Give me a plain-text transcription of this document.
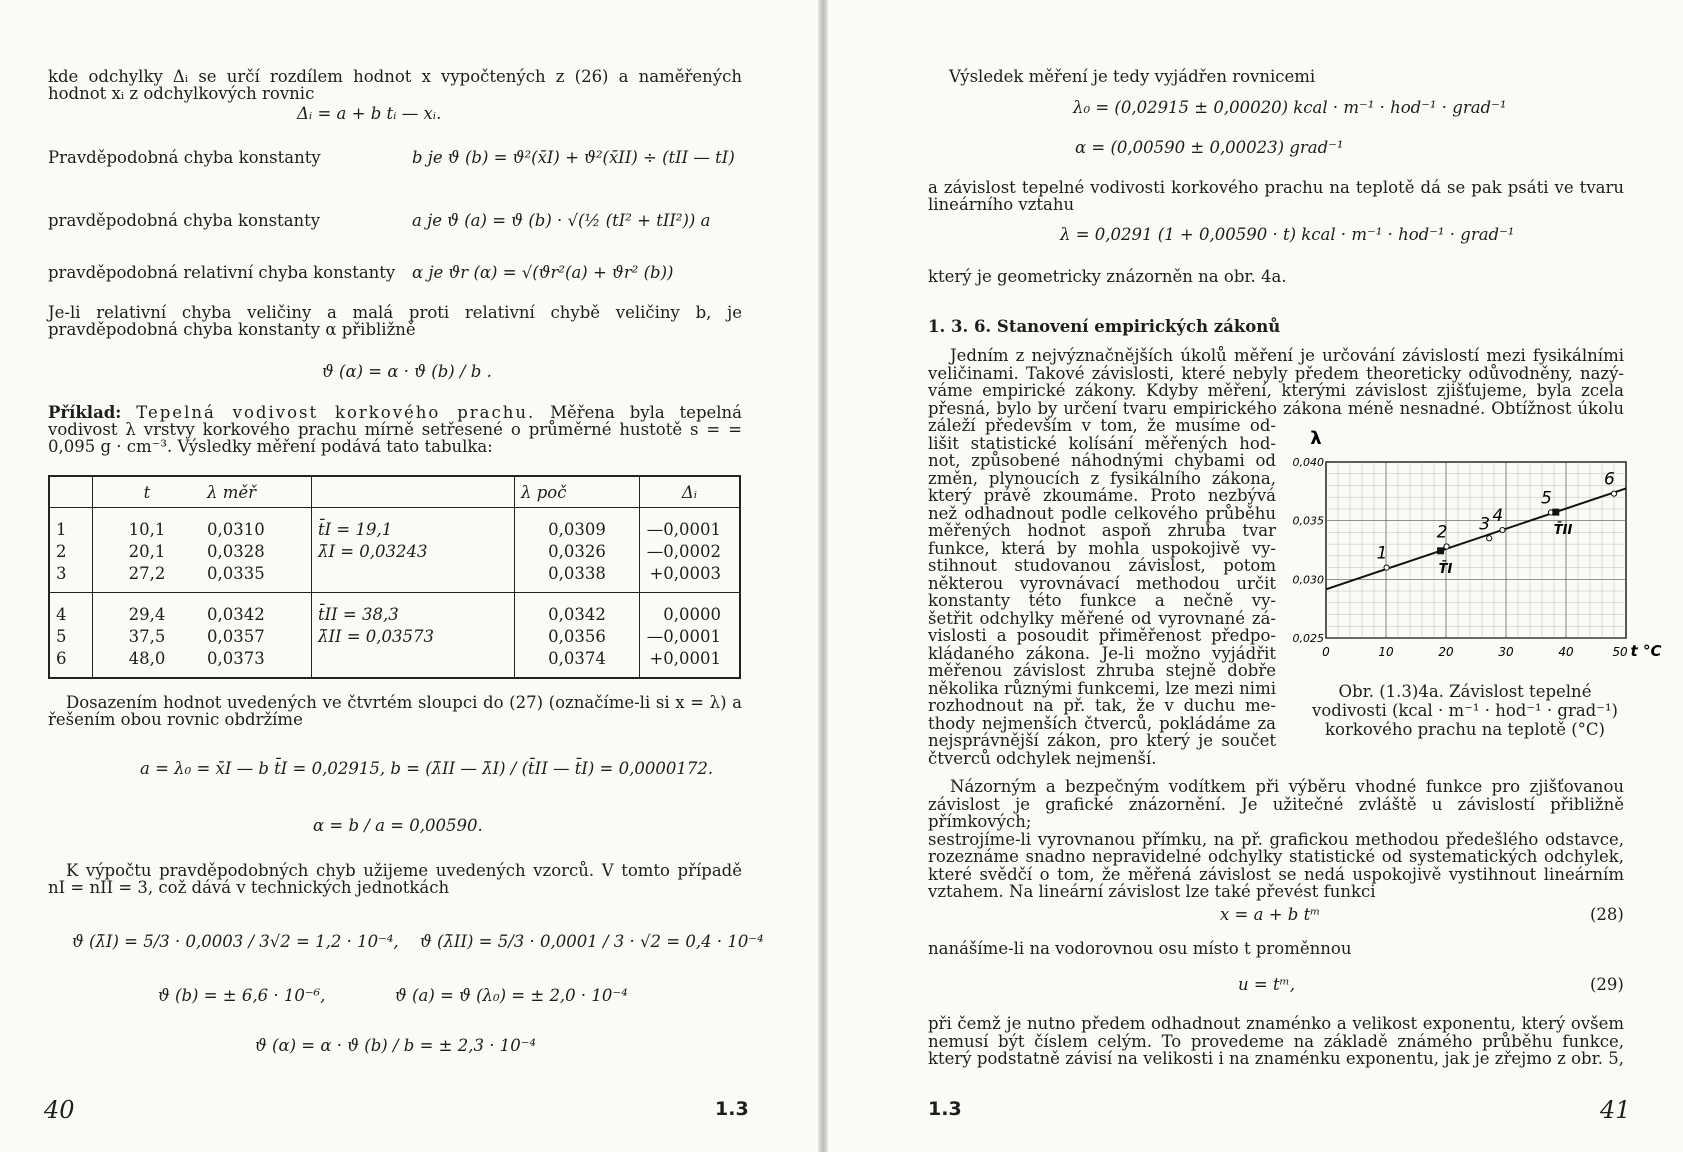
kde odchylky Δᵢ se určí rozdílem hodnot x vypočtených z (26) a naměřených hodnot xᵢ z odchylkových rovnic
Δᵢ = a + b tᵢ — xᵢ.
Pravděpodobná chyba konstanty	b je ϑ (b) = ϑ²(x̄I) + ϑ²(x̄II) ÷ (tII — tI)
pravděpodobná chyba konstanty	a je ϑ (a) = ϑ (b) · √(½ (tI² + tII²)) a
pravděpodobná relativní chyba konstanty α je ϑr (α) = √(ϑr²(a) + ϑr² (b))
Je-li relativní chyba veličiny a malá proti relativní chybě veličiny b, je pravděpodobná chyba konstanty α přibližně
ϑ (α) = α · ϑ (b) / b .
Příklad: Tepelná vodivost korkového prachu. Měřena byla tepelná vodivost λ vrstvy korkového prachu mírně setřesené o průměrné hustotě s = = 0,095 g · cm⁻³. Výsledky měření podává tato tabulka:
	t	λ měř		λ poč	Δᵢ
1	10,1	0,0310	t̄I = 19,1	0,0309	—0,0001
2	20,1	0,0328	λ̄I = 0,03243	0,0326	—0,0002
3	27,2	0,0335		0,0338	+0,0003
4	29,4	0,0342	t̄II = 38,3	0,0342	0,0000
5	37,5	0,0357	λ̄II = 0,03573	0,0356	—0,0001
6	48,0	0,0373		0,0374	+0,0001
Dosazením hodnot uvedených ve čtvrtém sloupci do (27) (označíme-li si x = λ) a řešením obou rovnic obdržíme
a = λ₀ = x̄I — b t̄I = 0,02915, b = (λ̄II — λ̄I) / (t̄II — t̄I) = 0,0000172.
α = b / a = 0,00590.
K výpočtu pravděpodobných chyb užijeme uvedených vzorců. V tomto případě nI = nII = 3, což dává v technických jednotkách
ϑ (λ̄I) = 5/3 · 0,0003 / 3√2 = 1,2 · 10⁻⁴, ϑ (λ̄II) = 5/3 · 0,0001 / 3 · √2 = 0,4 · 10⁻⁴
ϑ (b) = ± 6,6 · 10⁻⁶,	ϑ (a) = ϑ (λ₀) = ± 2,0 · 10⁻⁴
ϑ (α) = α · ϑ (b) / b = ± 2,3 · 10⁻⁴
40	1.3
Výsledek měření je tedy vyjádřen rovnicemi
λ₀ = (0,02915 ± 0,00020) kcal · m⁻¹ · hod⁻¹ · grad⁻¹
α = (0,00590 ± 0,00023) grad⁻¹
a závislost tepelné vodivosti korkového prachu na teplotě dá se pak psáti ve tvaru lineárního vztahu
λ = 0,0291 (1 + 0,00590 · t) kcal · m⁻¹ · hod⁻¹ · grad⁻¹
který je geometricky znázorněn na obr. 4a.
1. 3. 6. Stanovení empirických zákonů
Jedním z nejvýznačnějších úkolů měření je určování závislostí mezi fysikálními
veličinami. Takové závislosti, které nebyly předem theoreticky odůvodněny, nazý-
váme empirické zákony. Kdyby měření, kterými závislost zjišťujeme, byla zcela
přesná, bylo by určení tvaru empirického zákona méně nesnadné. Obtížnost úkolu
záleží především v tom, že musíme od-
lišit statistické kolísání měřených hod-
not, způsobené náhodnými chybami od
změn, plynoucích z fysikálního zákona,
který právě zkoumáme. Proto nezbývá
než odhadnout podle celkového průběhu
měřených hodnot aspoň zhruba tvar
funkce, která by mohla uspokojivě vy-
stihnout studovanou závislost, potom
některou vyrovnávací methodou určit
konstanty této funkce a nečně vy-
šetřit odchylky měřené od vyrovnané zá-
vislosti a posoudit přiměřenost předpo-
kládaného zákona. Je-li možno vyjádřit
měřenou závislost zhruba stejně dobře
několika různými funkcemi, lze mezi nimi
rozhodnout na př. tak, že v duchu me-
thody nejmenších čtverců, pokládáme za
nejsprávnější zákon, pro který je součet
čtverců odchylek nejmenší.
0	10	20	30	40	50
0,025
0,030
0,035
0,040
λ
t °C
1
2 3 4
5
6
T̄I
T̄II
Obr. (1.3)4a. Závislost tepelné vodivosti (kcal · m⁻¹ · hod⁻¹ · grad⁻¹) korkového prachu na teplotě (°C)
Názorným a bezpečným vodítkem při výběru vhodné funkce pro zjišťovanou
závislost je grafické znázornění. Je užitečné zvláště u závislostí přibližně přímkových;
sestrojíme-li vyrovnanou přímku, na př. grafickou methodou předešlého odstavce,
rozeznáme snadno nepravidelné odchylky statistické od systematických odchylek,
které svědčí o tom, že měřená závislost se nedá uspokojivě vystihnout lineárním
vztahem. Na lineární závislost lze také převést funkci
x = a + b tᵐ	(28)
nanášíme-li na vodorovnou osu místo t proměnnou
u = tᵐ,	(29)
při čemž je nutno předem odhadnout znaménko a velikost exponentu, který ovšem
nemusí být číslem celým. To provedeme na základě známého průběhu funkce,
který podstatně závisí na velikosti i na znaménku exponentu, jak je zřejmo z obr. 5,
1.3	41
